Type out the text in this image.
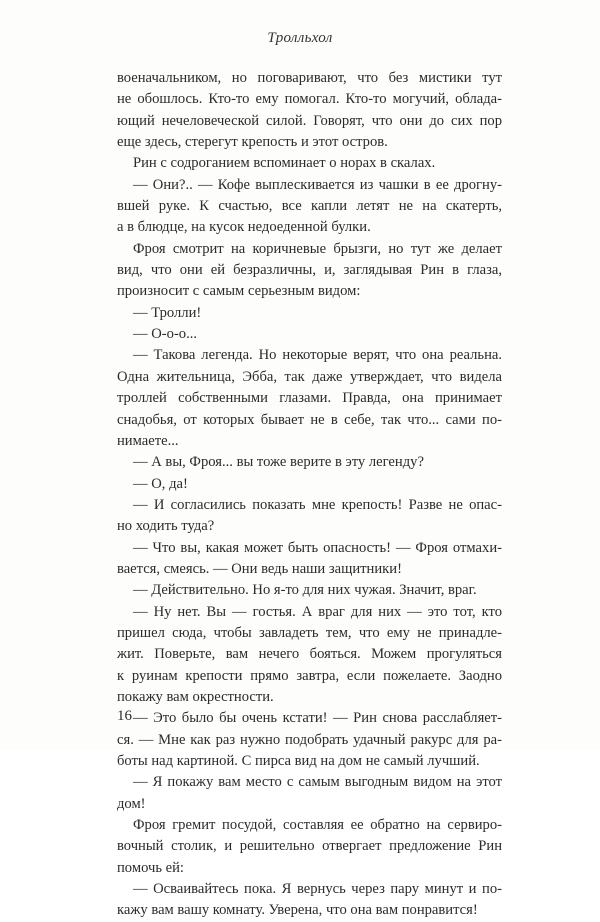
Тролльхол
военачальником, но поговаривают, что без мистики тут
не обошлось. Кто-то ему помогал. Кто-то могучий, облада-
ющий нечеловеческой силой. Говорят, что они до сих пор
еще здесь, стерегут крепость и этот остров.
Рин с содроганием вспоминает о норах в скалах.
— Они?.. — Кофе выплескивается из чашки в ее дрогну-
вшей руке. К счастью, все капли летят не на скатерть,
а в блюдце, на кусок недоеденной булки.
Фроя смотрит на коричневые брызги, но тут же делает
вид, что они ей безразличны, и, заглядывая Рин в глаза,
произносит с самым серьезным видом:
— Тролли!
— О-о-о...
— Такова легенда. Но некоторые верят, что она реальна.
Одна жительница, Эбба, так даже утверждает, что видела
троллей собственными глазами. Правда, она принимает
снадобья, от которых бывает не в себе, так что... сами по-
нимаете...
— А вы, Фроя... вы тоже верите в эту легенду?
— О, да!
— И согласились показать мне крепость! Разве не опас-
но ходить туда?
— Что вы, какая может быть опасность! — Фроя отмахи-
вается, смеясь. — Они ведь наши защитники!
— Действительно. Но я-то для них чужая. Значит, враг.
— Ну нет. Вы — гостья. А враг для них — это тот, кто
пришел сюда, чтобы завладеть тем, что ему не принадле-
жит. Поверьте, вам нечего бояться. Можем прогуляться
к руинам крепости прямо завтра, если пожелаете. Заодно
покажу вам окрестности.
— Это было бы очень кстати! — Рин снова расслабляет-
ся. — Мне как раз нужно подобрать удачный ракурс для ра-
боты над картиной. С пирса вид на дом не самый лучший.
— Я покажу вам место с самым выгодным видом на этот
дом!
Фроя гремит посудой, составляя ее обратно на сервиро-
вочный столик, и решительно отвергает предложение Рин
помочь ей:
— Осваивайтесь пока. Я вернусь через пару минут и по-
кажу вам вашу комнату. Уверена, что она вам понравится!
16
